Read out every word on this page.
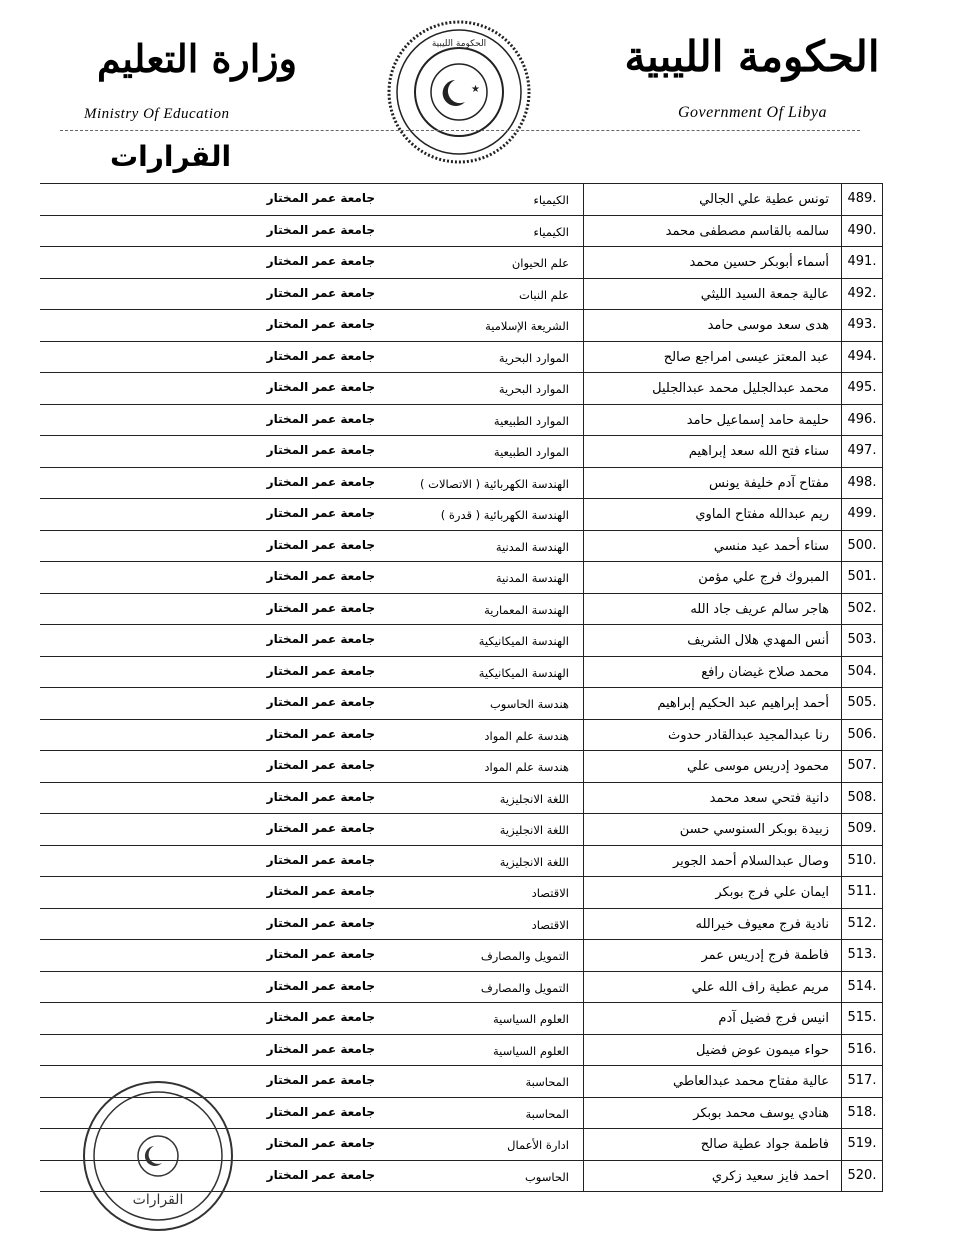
الحكومة الليبية
Government Of Libya
★
الحكومة الليبية
وزارة التعليم
Ministry Of Education
القرارات
489.
تونس عطية علي الجالي
الكيمياء
جامعة عمر المختار
490.
سالمه بالقاسم مصطفى محمد
الكيمياء
جامعة عمر المختار
491.
أسماء أبوبكر حسين محمد
علم الحيوان
جامعة عمر المختار
492.
عالية جمعة السيد الليثي
علم النبات
جامعة عمر المختار
493.
هدى سعد موسى حامد
الشريعة الإسلامية
جامعة عمر المختار
494.
عبد المعتز عيسى امراجع صالح
الموارد البحرية
جامعة عمر المختار
495.
محمد عبدالجليل محمد عبدالجليل
الموارد البحرية
جامعة عمر المختار
496.
حليمة حامد إسماعيل حامد
الموارد الطبيعية
جامعة عمر المختار
497.
سناء فتح الله سعد إبراهيم
الموارد الطبيعية
جامعة عمر المختار
498.
مفتاح آدم خليفة يونس
الهندسة الكهربائية ( الاتصالات )
جامعة عمر المختار
499.
ريم عبدالله مفتاح الماوي
الهندسة الكهربائية ( قدرة )
جامعة عمر المختار
500.
سناء أحمد عيد منسي
الهندسة المدنية
جامعة عمر المختار
501.
المبروك فرج علي مؤمن
الهندسة المدنية
جامعة عمر المختار
502.
هاجر سالم عريف جاد الله
الهندسة المعمارية
جامعة عمر المختار
503.
أنس المهدي هلال الشريف
الهندسة الميكانيكية
جامعة عمر المختار
504.
محمد صلاح غيضان رافع
الهندسة الميكانيكية
جامعة عمر المختار
505.
أحمد إبراهيم عبد الحكيم إبراهيم
هندسة الحاسوب
جامعة عمر المختار
506.
رنا عبدالمجيد عبدالقادر حدوث
هندسة علم المواد
جامعة عمر المختار
507.
محمود إدريس موسى علي
هندسة علم المواد
جامعة عمر المختار
508.
دانية فتحي سعد محمد
اللغة الانجليزية
جامعة عمر المختار
509.
زبيدة بوبكر السنوسي حسن
اللغة الانجليزية
جامعة عمر المختار
510.
وصال عبدالسلام أحمد الجوير
اللغة الانجليزية
جامعة عمر المختار
511.
ايمان علي فرج بوبكر
الاقتصاد
جامعة عمر المختار
512.
نادية فرج معيوف خيرالله
الاقتصاد
جامعة عمر المختار
513.
فاطمة فرج إدريس عمر
التمويل والمصارف
جامعة عمر المختار
514.
مريم عطية راف الله علي
التمويل والمصارف
جامعة عمر المختار
515.
انيس فرج فضيل آدم
العلوم السياسية
جامعة عمر المختار
516.
حواء ميمون عوض فضيل
العلوم السياسية
جامعة عمر المختار
517.
عالية مفتاح محمد عبدالعاطي
المحاسبة
جامعة عمر المختار
518.
هنادي يوسف محمد بوبكر
المحاسبة
جامعة عمر المختار
519.
فاطمة جواد عطية صالح
ادارة الأعمال
جامعة عمر المختار
520.
احمد فايز سعيد زكري
الحاسوب
جامعة عمر المختار
القرارات
